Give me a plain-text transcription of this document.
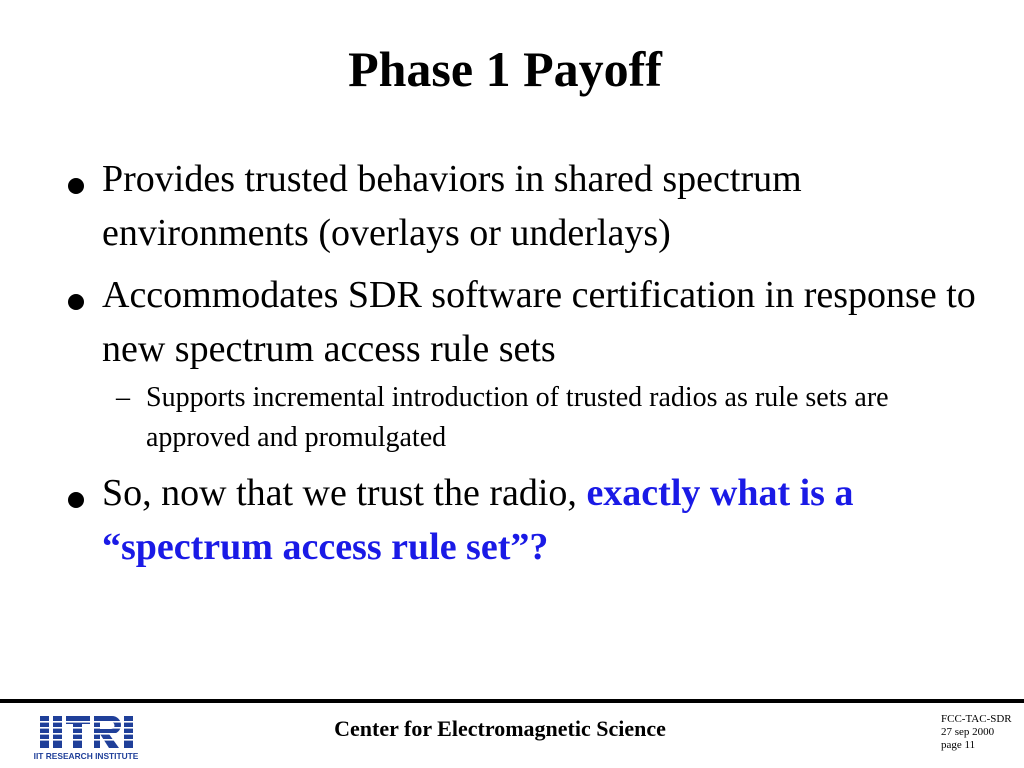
Phase 1 Payoff
Provides trusted behaviors in shared spectrum environments (overlays or underlays)
Accommodates SDR software certification in response to new spectrum access rule sets
– Supports incremental introduction of trusted radios as rule sets are approved and promulgated
So, now that we trust the radio, exactly what is a “spectrum access rule set”?
IIT RESEARCH INSTITUTE
Center for Electromagnetic Science	FCC-TAC-SDR
27 sep 2000
page 11
